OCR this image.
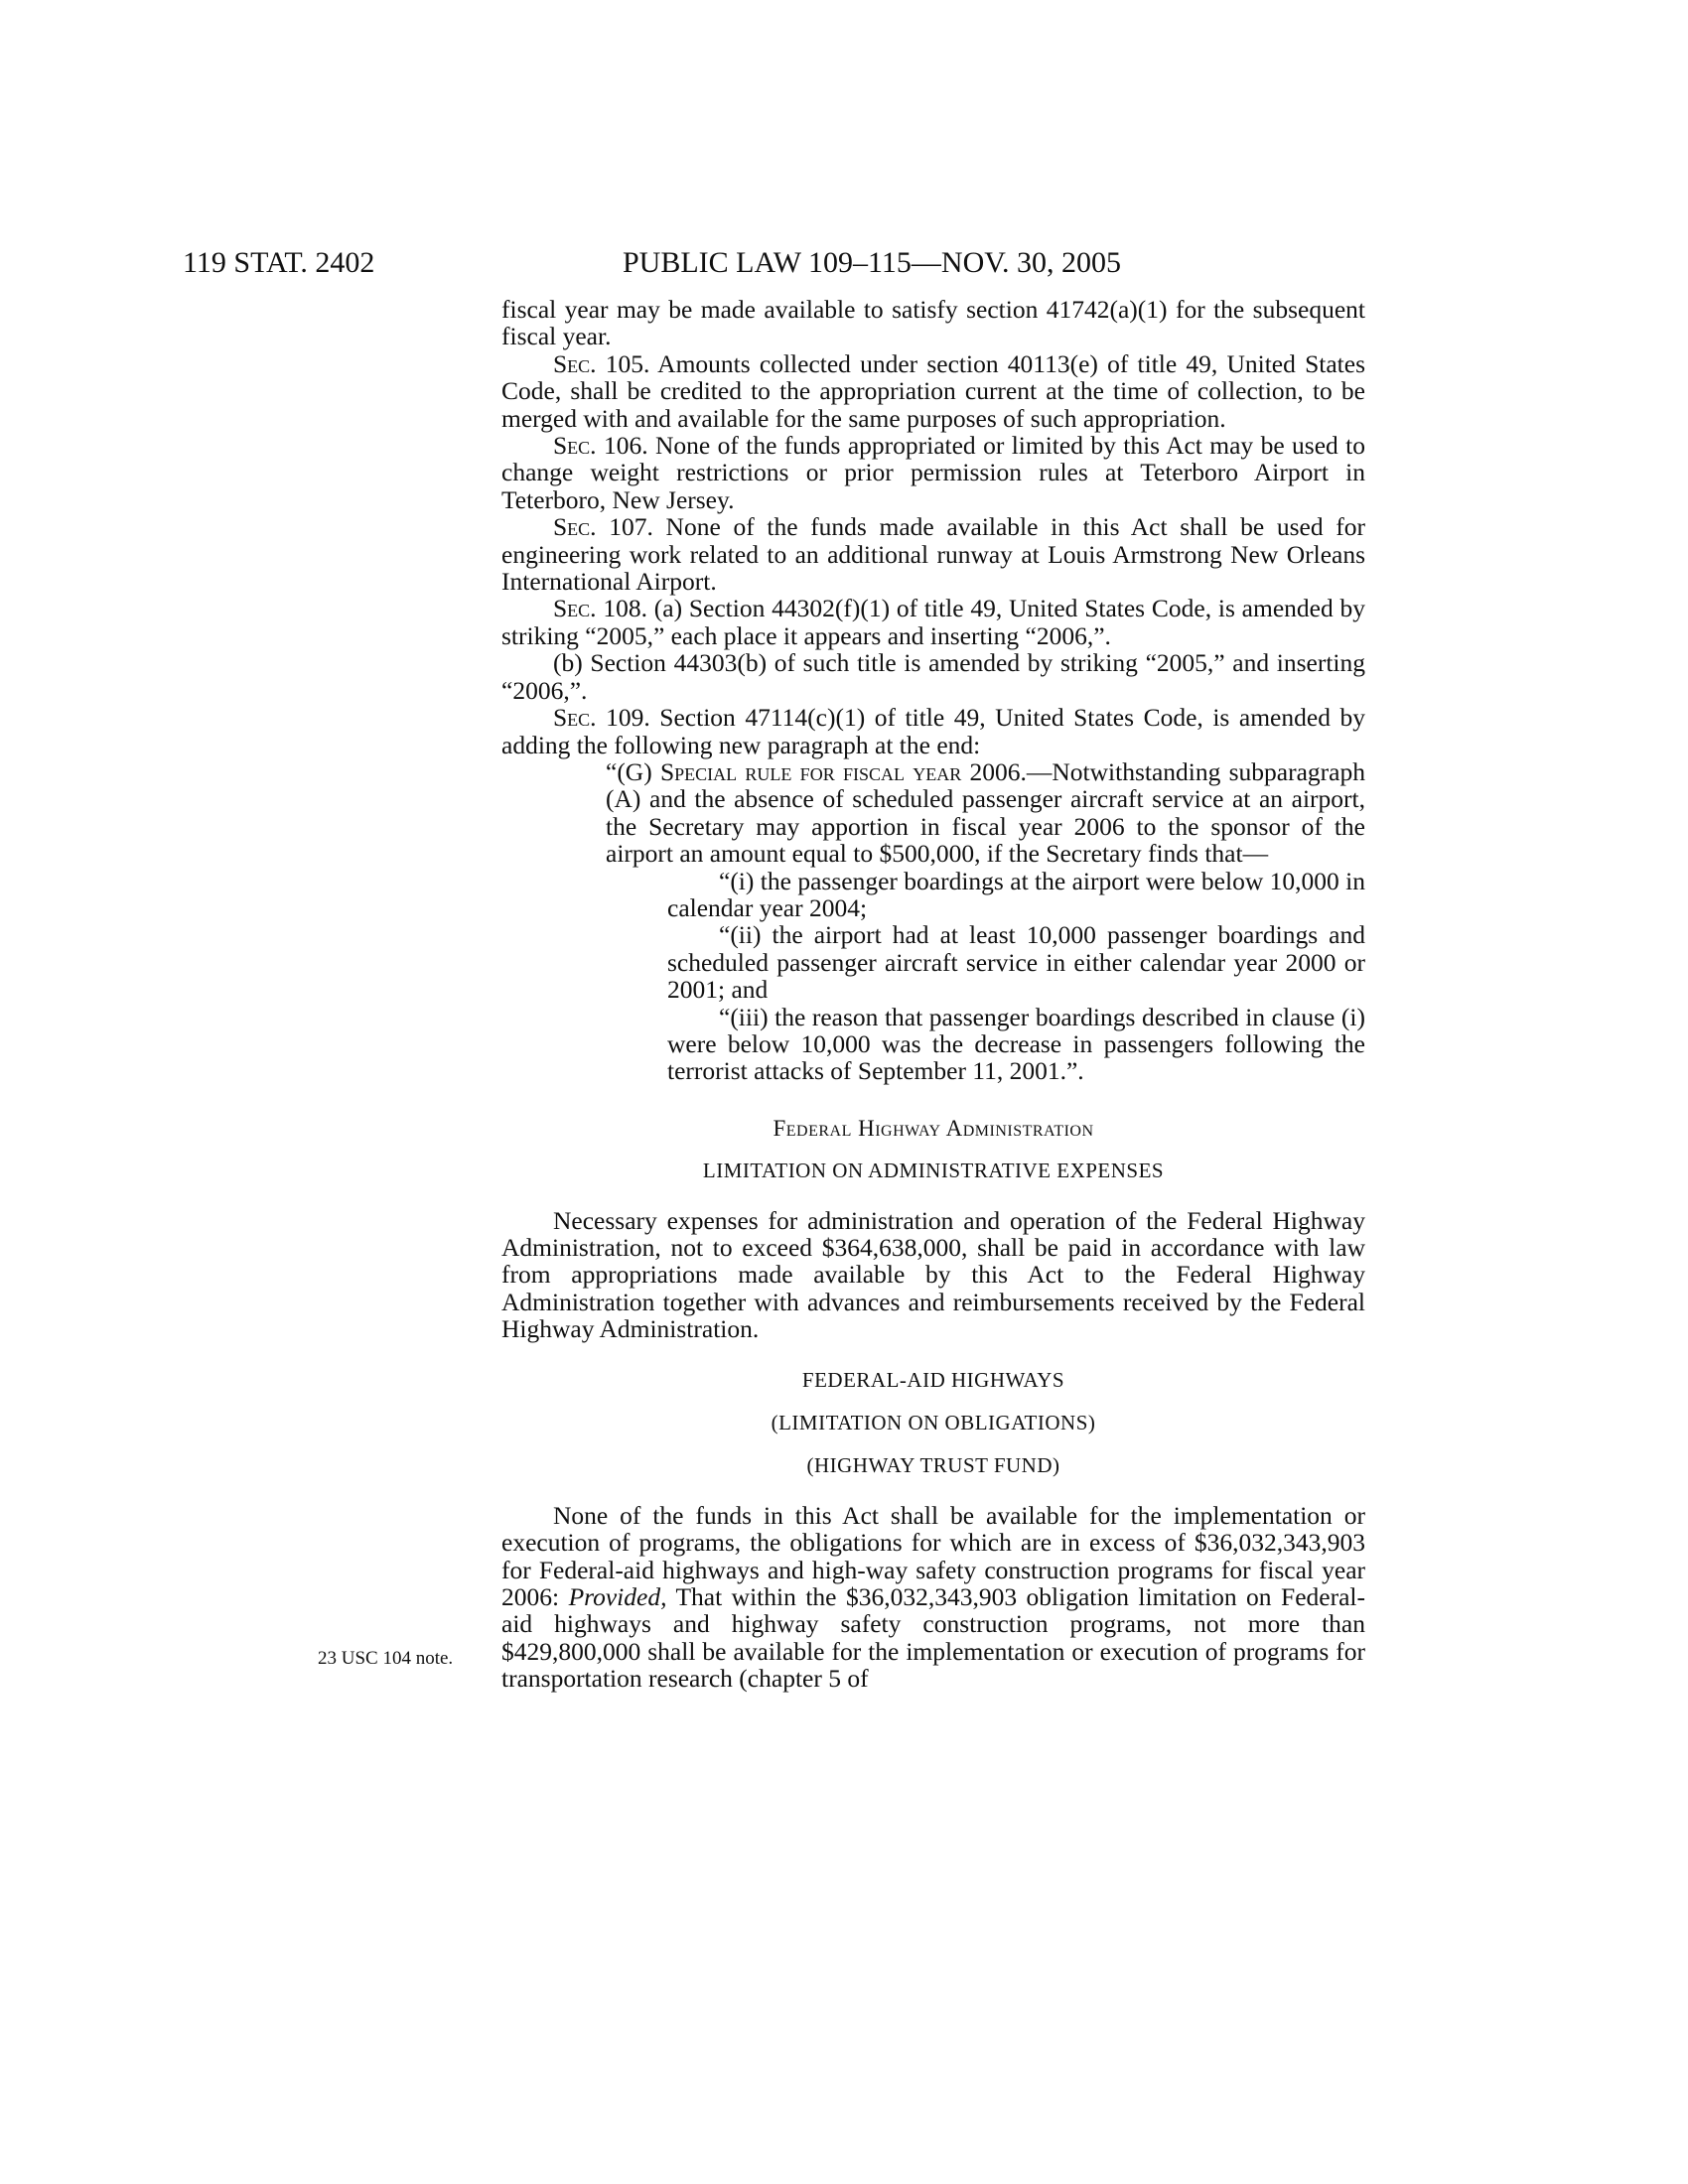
119 STAT. 2402	PUBLIC LAW 109–115—NOV. 30, 2005
23 USC 104 note.

fiscal year may be made available to satisfy section 41742(a)(1) for the subsequent fiscal year.

Sec. 105. Amounts collected under section 40113(e) of title 49, United States Code, shall be credited to the appropriation current at the time of collection, to be merged with and available for the same purposes of such appropriation.

Sec. 106. None of the funds appropriated or limited by this Act may be used to change weight restrictions or prior permission rules at Teterboro Airport in Teterboro, New Jersey.

Sec. 107. None of the funds made available in this Act shall be used for engineering work related to an additional runway at Louis Armstrong New Orleans International Airport.

Sec. 108. (a) Section 44302(f)(1) of title 49, United States Code, is amended by striking “2005,” each place it appears and inserting “2006,”.

(b) Section 44303(b) of such title is amended by striking “2005,” and inserting “2006,”.

Sec. 109. Section 47114(c)(1) of title 49, United States Code, is amended by adding the following new paragraph at the end:

“(G) Special rule for fiscal year 2006.—Notwithstanding subparagraph (A) and the absence of scheduled passenger aircraft service at an airport, the Secretary may apportion in fiscal year 2006 to the sponsor of the airport an amount equal to $500,000, if the Secretary finds that—

“(i) the passenger boardings at the airport were below 10,000 in calendar year 2004;

“(ii) the airport had at least 10,000 passenger boardings and scheduled passenger aircraft service in either calendar year 2000 or 2001; and

“(iii) the reason that passenger boardings described in clause (i) were below 10,000 was the decrease in passengers following the terrorist attacks of September 11, 2001.”.

Federal Highway Administration

LIMITATION ON ADMINISTRATIVE EXPENSES

Necessary expenses for administration and operation of the Federal Highway Administration, not to exceed $364,638,000, shall be paid in accordance with law from appropriations made available by this Act to the Federal Highway Administration together with advances and reimbursements received by the Federal Highway Administration.

FEDERAL-AID HIGHWAYS

(LIMITATION ON OBLIGATIONS)

(HIGHWAY TRUST FUND)

None of the funds in this Act shall be available for the implementation or execution of programs, the obligations for which are in excess of $36,032,343,903 for Federal-aid highways and high-way safety construction programs for fiscal year 2006: Provided, That within the $36,032,343,903 obligation limitation on Federal-aid highways and highway safety construction programs, not more than $429,800,000 shall be available for the implementation or execution of programs for transportation research (chapter 5 of
